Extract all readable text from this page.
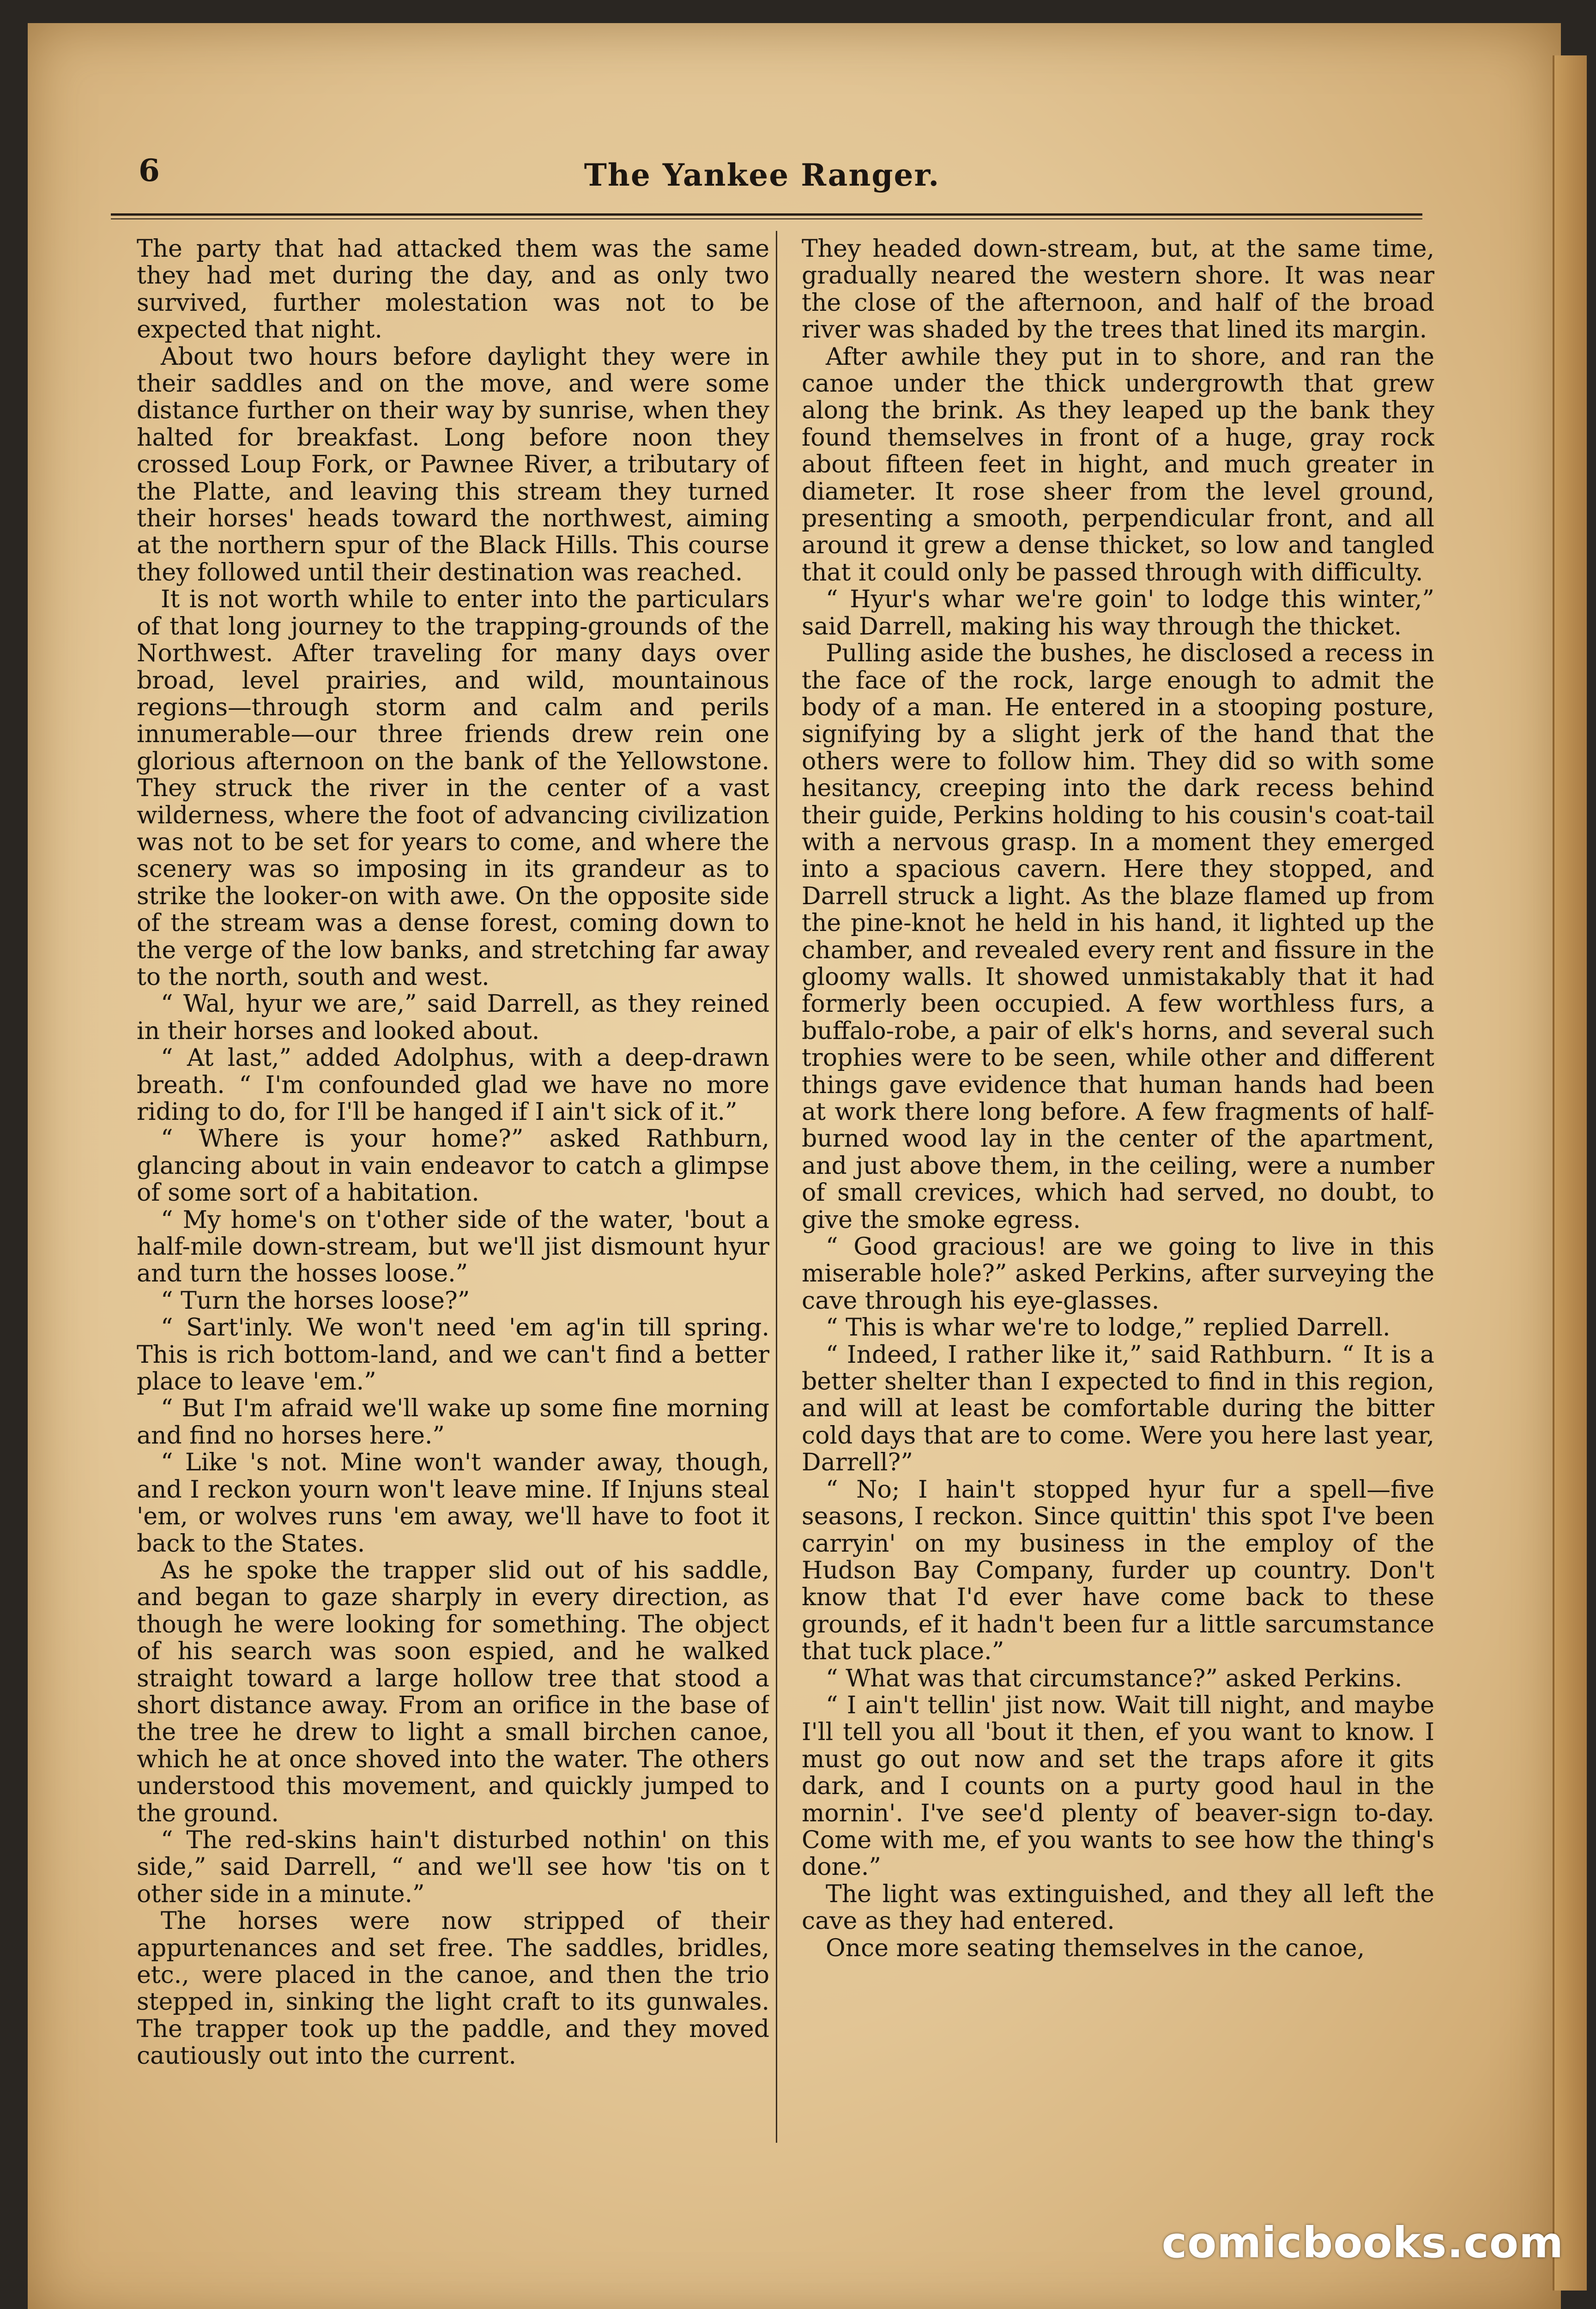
6	The Yankee Ranger.

The party that had attacked them was the same they had met during the day, and as only two survived, further molestation was not to be expected that night.

About two hours before daylight they were in their saddles and on the move, and were some distance further on their way by sunrise, when they halted for breakfast. Long before noon they crossed Loup Fork, or Pawnee River, a tributary of the Platte, and leaving this stream they turned their horses' heads toward the northwest, aiming at the northern spur of the Black Hills. This course they followed until their destination was reached.

It is not worth while to enter into the particulars of that long journey to the trapping-grounds of the Northwest. After traveling for many days over broad, level prairies, and wild, mountainous regions—through storm and calm and perils innumerable—our three friends drew rein one glorious afternoon on the bank of the Yellowstone. They struck the river in the center of a vast wilderness, where the foot of advancing civilization was not to be set for years to come, and where the scenery was so imposing in its grandeur as to strike the looker-on with awe. On the opposite side of the stream was a dense forest, coming down to the verge of the low banks, and stretching far away to the north, south and west.

“ Wal, hyur we are,” said Darrell, as they reined in their horses and looked about.

“ At last,” added Adolphus, with a deep-drawn breath. “ I'm confounded glad we have no more riding to do, for I'll be hanged if I ain't sick of it.”

“ Where is your home?” asked Rathburn, glancing about in vain endeavor to catch a glimpse of some sort of a habitation.

“ My home's on t'other side of the water, 'bout a half-mile down-stream, but we'll jist dismount hyur and turn the hosses loose.”

“ Turn the horses loose?”

“ Sart'inly. We won't need 'em ag'in till spring. This is rich bottom-land, and we can't find a better place to leave 'em.”

“ But I'm afraid we'll wake up some fine morning and find no horses here.”

“ Like 's not. Mine won't wander away, though, and I reckon yourn won't leave mine. If Injuns steal 'em, or wolves runs 'em away, we'll have to foot it back to the States.

As he spoke the trapper slid out of his saddle, and began to gaze sharply in every direction, as though he were looking for something. The object of his search was soon espied, and he walked straight toward a large hollow tree that stood a short distance away. From an orifice in the base of the tree he drew to light a small birchen canoe, which he at once shoved into the water. The others understood this movement, and quickly jumped to the ground.

“ The red-skins hain't disturbed nothin' on this side,” said Darrell, “ and we'll see how 'tis on t other side in a minute.”

The horses were now stripped of their appurtenances and set free. The saddles, bridles, etc., were placed in the canoe, and then the trio stepped in, sinking the light craft to its gunwales. The trapper took up the paddle, and they moved cautiously out into the current.

They headed down-stream, but, at the same time, gradually neared the western shore. It was near the close of the afternoon, and half of the broad river was shaded by the trees that lined its margin.

After awhile they put in to shore, and ran the canoe under the thick undergrowth that grew along the brink. As they leaped up the bank they found themselves in front of a huge, gray rock about fifteen feet in hight, and much greater in diameter. It rose sheer from the level ground, presenting a smooth, perpendicular front, and all around it grew a dense thicket, so low and tangled that it could only be passed through with difficulty.

“ Hyur's whar we're goin' to lodge this winter,” said Darrell, making his way through the thicket.

Pulling aside the bushes, he disclosed a recess in the face of the rock, large enough to admit the body of a man. He entered in a stooping posture, signifying by a slight jerk of the hand that the others were to follow him. They did so with some hesitancy, creeping into the dark recess behind their guide, Perkins holding to his cousin's coat-tail with a nervous grasp. In a moment they emerged into a spacious cavern. Here they stopped, and Darrell struck a light. As the blaze flamed up from the pine-knot he held in his hand, it lighted up the chamber, and revealed every rent and fissure in the gloomy walls. It showed unmistakably that it had formerly been occupied. A few worthless furs, a buffalo-robe, a pair of elk's horns, and several such trophies were to be seen, while other and different things gave evidence that human hands had been at work there long before. A few fragments of half-burned wood lay in the center of the apartment, and just above them, in the ceiling, were a number of small crevices, which had served, no doubt, to give the smoke egress.

“ Good gracious! are we going to live in this miserable hole?” asked Perkins, after surveying the cave through his eye-glasses.

“ This is whar we're to lodge,” replied Darrell.

“ Indeed, I rather like it,” said Rathburn. “ It is a better shelter than I expected to find in this region, and will at least be comfortable during the bitter cold days that are to come. Were you here last year, Darrell?”

“ No; I hain't stopped hyur fur a spell—five seasons, I reckon. Since quittin' this spot I've been carryin' on my business in the employ of the Hudson Bay Company, furder up country. Don't know that I'd ever have come back to these grounds, ef it hadn't been fur a little sarcumstance that tuck place.”

“ What was that circumstance?” asked Perkins.

“ I ain't tellin' jist now. Wait till night, and maybe I'll tell you all 'bout it then, ef you want to know. I must go out now and set the traps afore it gits dark, and I counts on a purty good haul in the mornin'. I've see'd plenty of beaver-sign to-day. Come with me, ef you wants to see how the thing's done.”

The light was extinguished, and they all left the cave as they had entered.

Once more seating themselves in the canoe,

comicbooks.com
